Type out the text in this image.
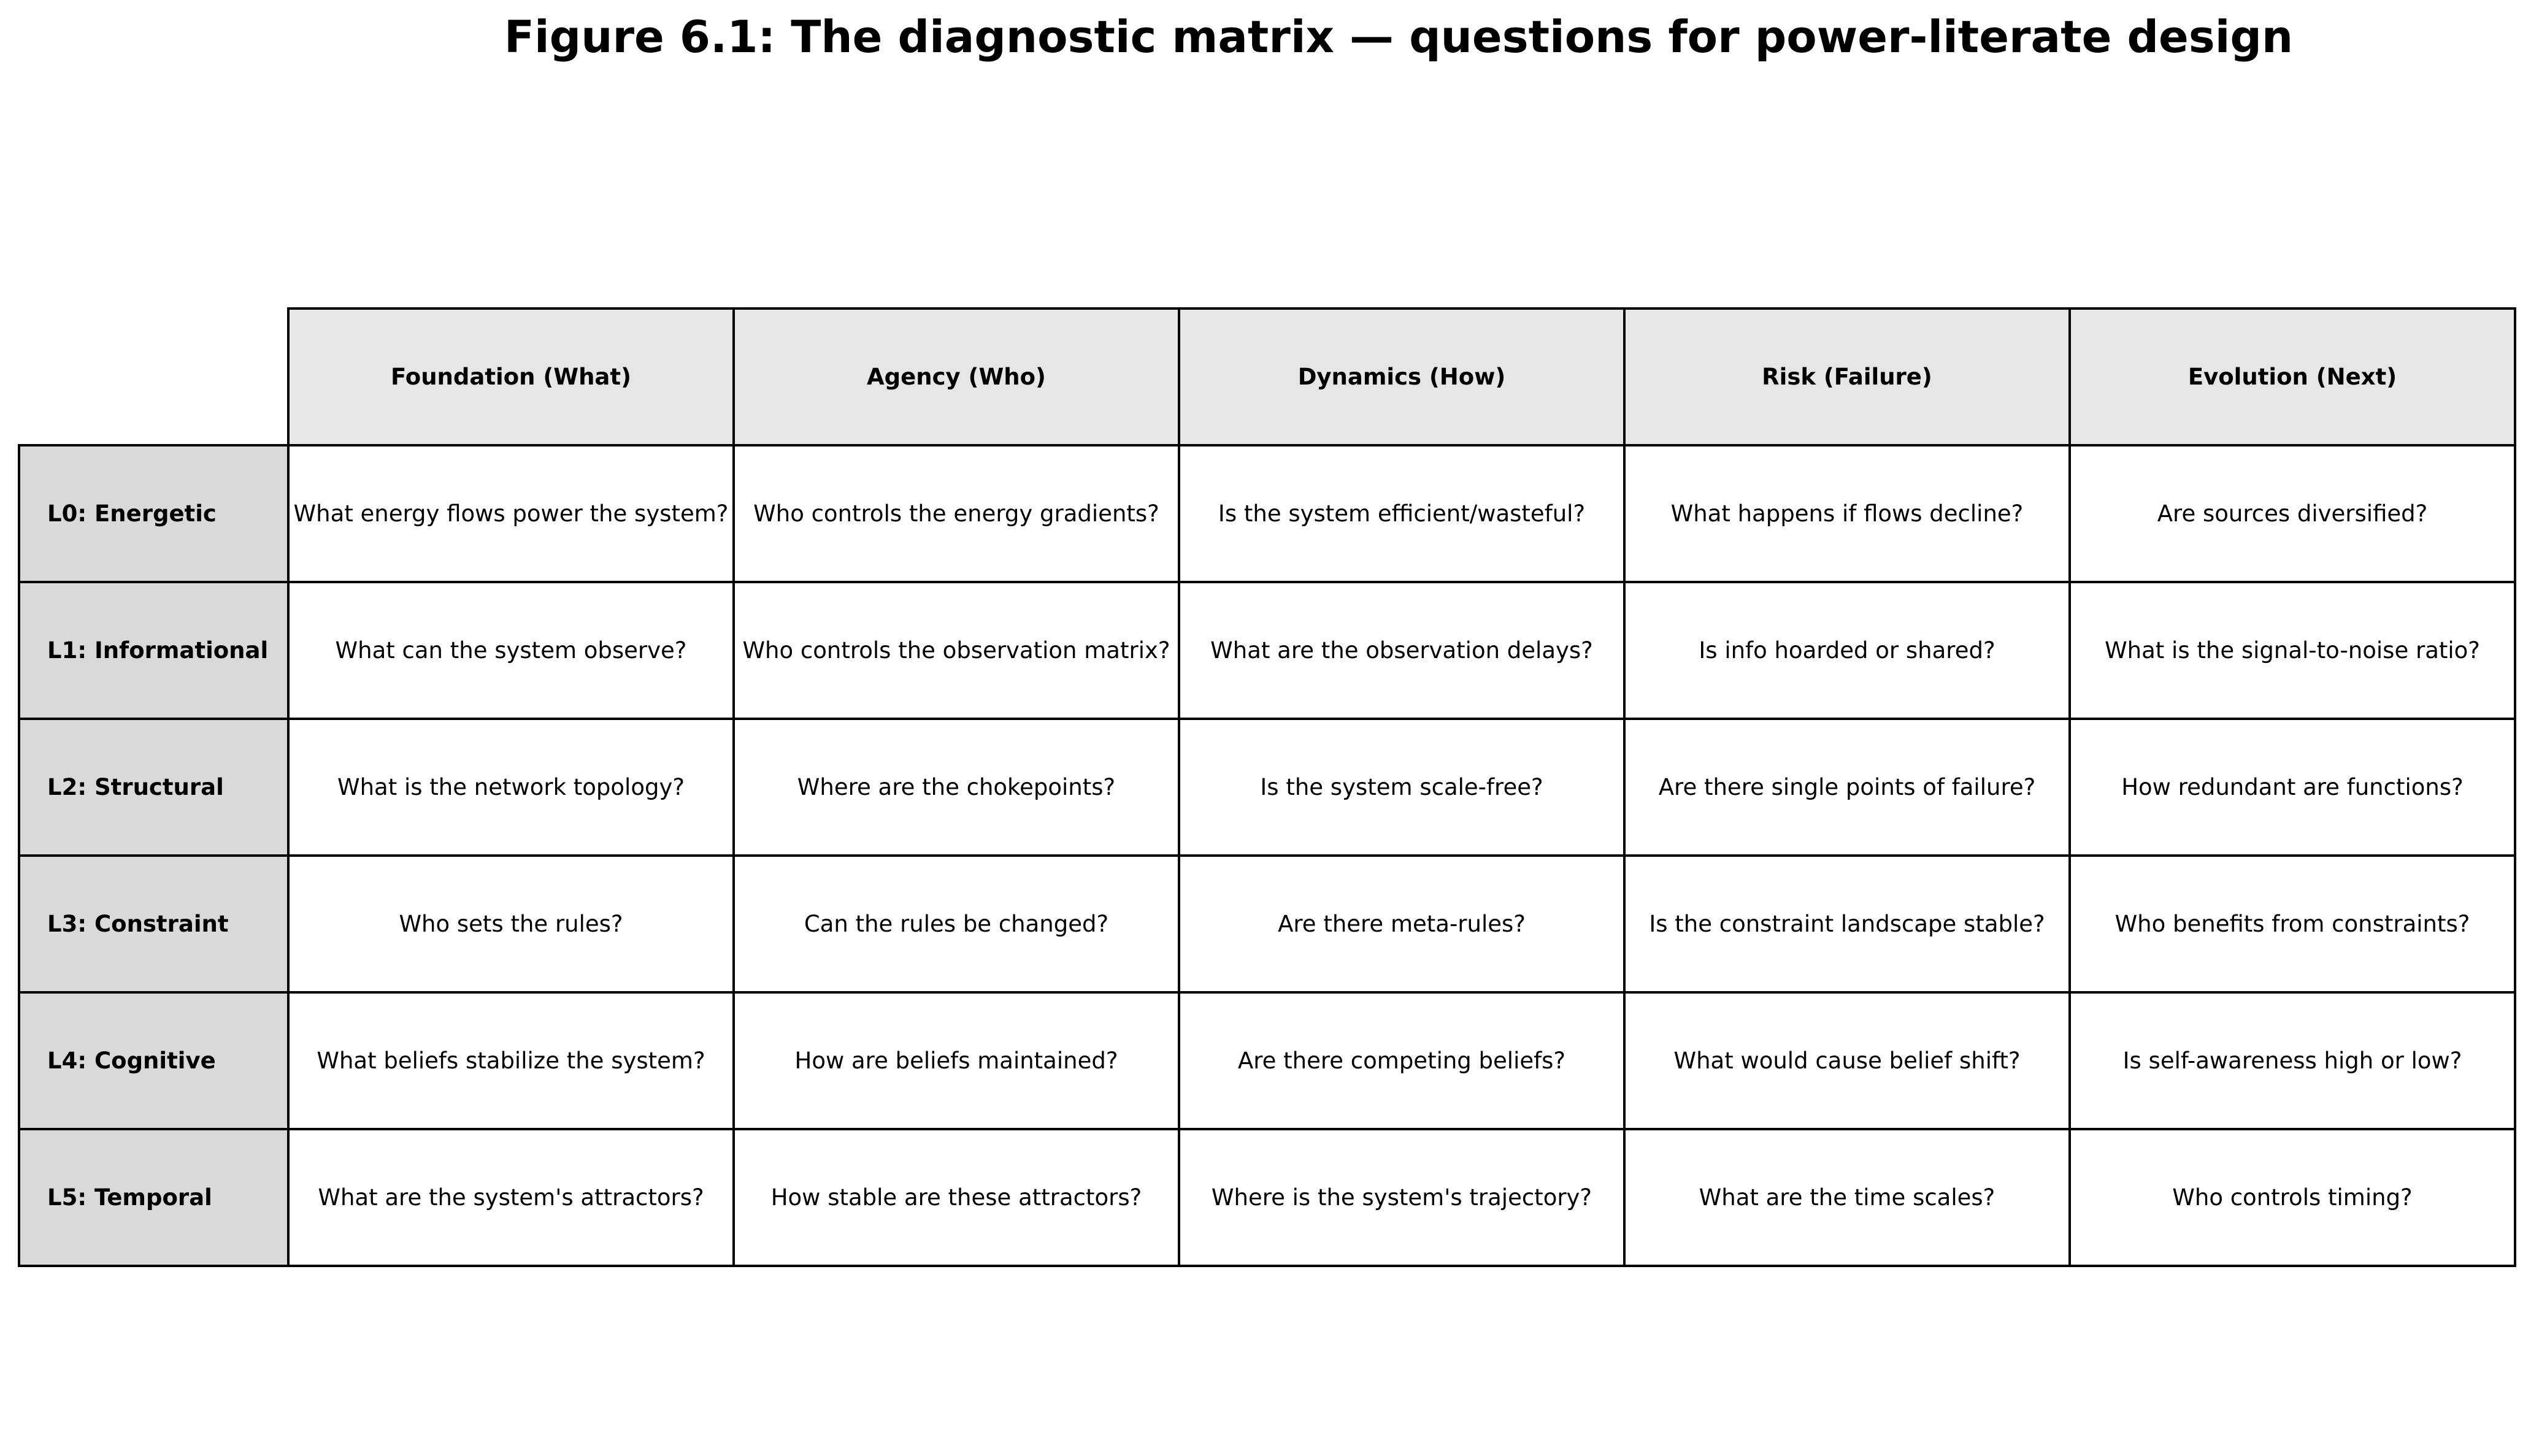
Figure 6.1: The diagnostic matrix — questions for power-literate design
	Foundation (What)	Agency (Who)	Dynamics (How)	Risk (Failure)	Evolution (Next)
L0: Energetic	What energy flows power the system?	Who controls the energy gradients?	Is the system efficient/wasteful?	What happens if flows decline?	Are sources diversified?
L1: Informational	What can the system observe?	Who controls the observation matrix?	What are the observation delays?	Is info hoarded or shared?	What is the signal-to-noise ratio?
L2: Structural	What is the network topology?	Where are the chokepoints?	Is the system scale-free?	Are there single points of failure?	How redundant are functions?
L3: Constraint	Who sets the rules?	Can the rules be changed?	Are there meta-rules?	Is the constraint landscape stable?	Who benefits from constraints?
L4: Cognitive	What beliefs stabilize the system?	How are beliefs maintained?	Are there competing beliefs?	What would cause belief shift?	Is self-awareness high or low?
L5: Temporal	What are the system's attractors?	How stable are these attractors?	Where is the system's trajectory?	What are the time scales?	Who controls timing?
